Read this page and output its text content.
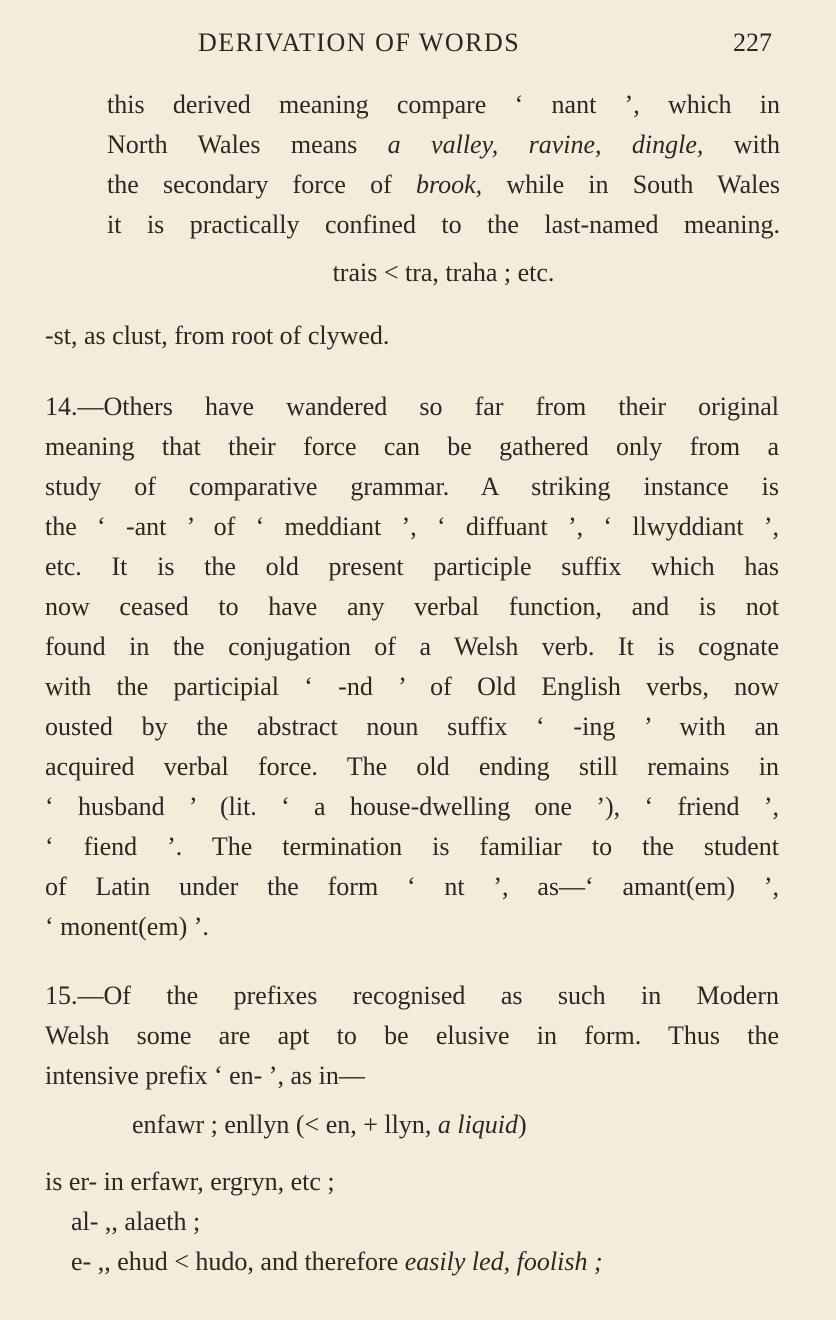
DERIVATION OF WORDS	227
this derived meaning compare ‘ nant ’, which in
North Wales means a valley, ravine, dingle, with
the secondary force of brook, while in South Wales
it is practically confined to the last-named meaning.
trais < tra, traha ; etc.
-st, as clust, from root of clywed.
14.—Others have wandered so far from their original
meaning that their force can be gathered only from a
study of comparative grammar. A striking instance is
the ‘ -ant ’ of ‘ meddiant ’, ‘ diffuant ’, ‘ llwyddiant ’,
etc. It is the old present participle suffix which has
now ceased to have any verbal function, and is not
found in the conjugation of a Welsh verb. It is cognate
with the participial ‘ -nd ’ of Old English verbs, now
ousted by the abstract noun suffix ‘ -ing ’ with an
acquired verbal force. The old ending still remains in
‘ husband ’ (lit. ‘ a house-dwelling one ’), ‘ friend ’,
‘ fiend ’. The termination is familiar to the student
of Latin under the form ‘ nt ’, as—‘ amant(em) ’,
‘ monent(em) ’.
15.—Of the prefixes recognised as such in Modern
Welsh some are apt to be elusive in form. Thus the
intensive prefix ‘ en- ’, as in—
enfawr ; enllyn (< en, + llyn, a liquid)
is er- in erfawr, ergryn, etc ;
al- ,, alaeth ;
e- ,, ehud < hudo, and therefore easily led, foolish ;
